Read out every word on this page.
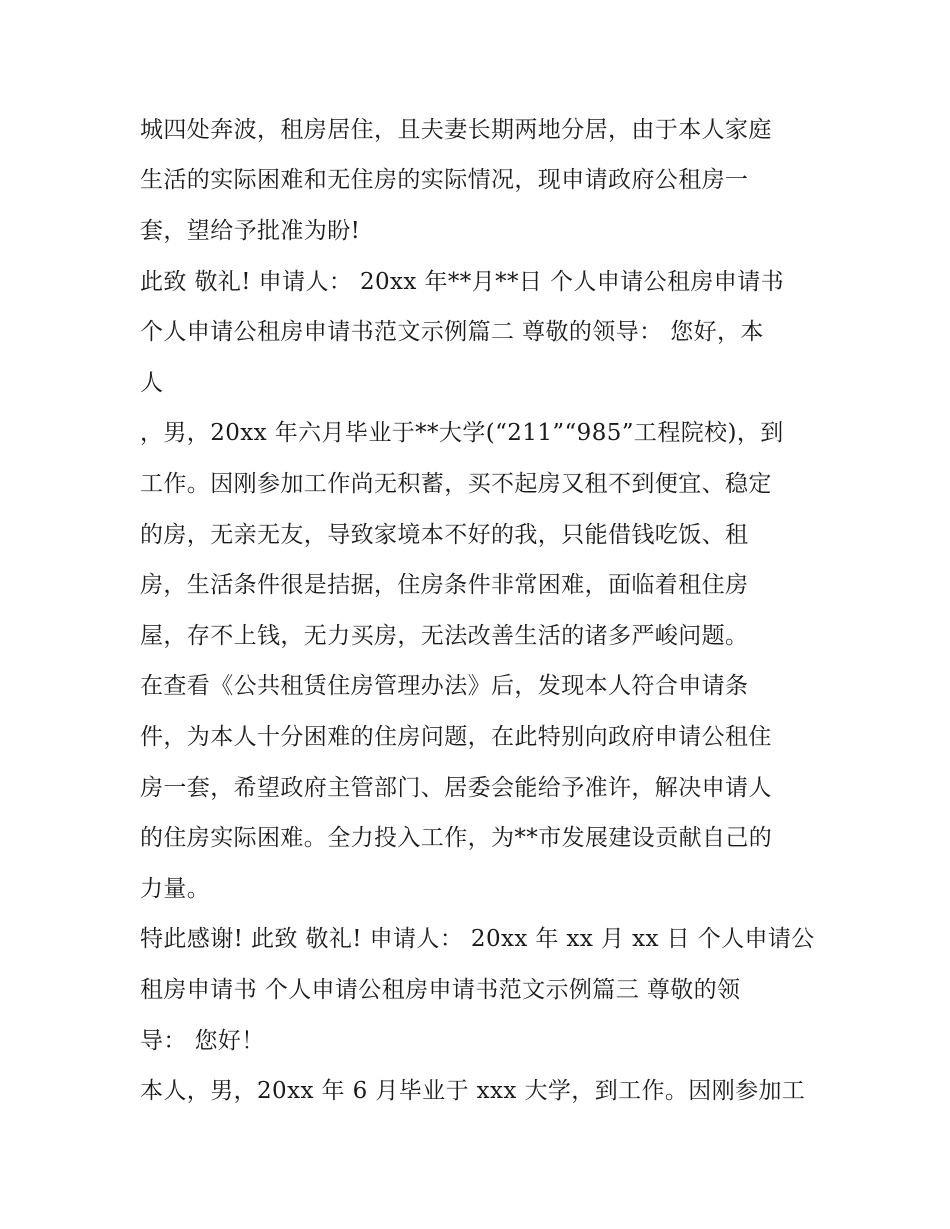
城四处奔波，租房居住，且夫妻长期两地分居，由于本人家庭
生活的实际困难和无住房的实际情况，现申请政府公租房一
套，望给予批准为盼!
此致 敬礼! 申请人： 20xx 年**月**日 个人申请公租房申请书
个人申请公租房申请书范文示例篇二 尊敬的领导： 您好，本
人
，男，20xx 年六月毕业于**大学(“211”“985”工程院校)，到
工作。因刚参加工作尚无积蓄，买不起房又租不到便宜、稳定
的房，无亲无友，导致家境本不好的我，只能借钱吃饭、租
房，生活条件很是拮据，住房条件非常困难，面临着租住房
屋，存不上钱，无力买房，无法改善生活的诸多严峻问题。
在查看《公共租赁住房管理办法》后，发现本人符合申请条
件，为本人十分困难的住房问题，在此特别向政府申请公租住
房一套，希望政府主管部门、居委会能给予准许，解决申请人
的住房实际困难。全力投入工作，为**市发展建设贡献自己的
力量。
特此感谢! 此致 敬礼! 申请人： 20xx 年 xx 月 xx 日 个人申请公
租房申请书 个人申请公租房申请书范文示例篇三 尊敬的领
导： 您好！
本人，男，20xx 年 6 月毕业于 xxx 大学，到工作。因刚参加工
